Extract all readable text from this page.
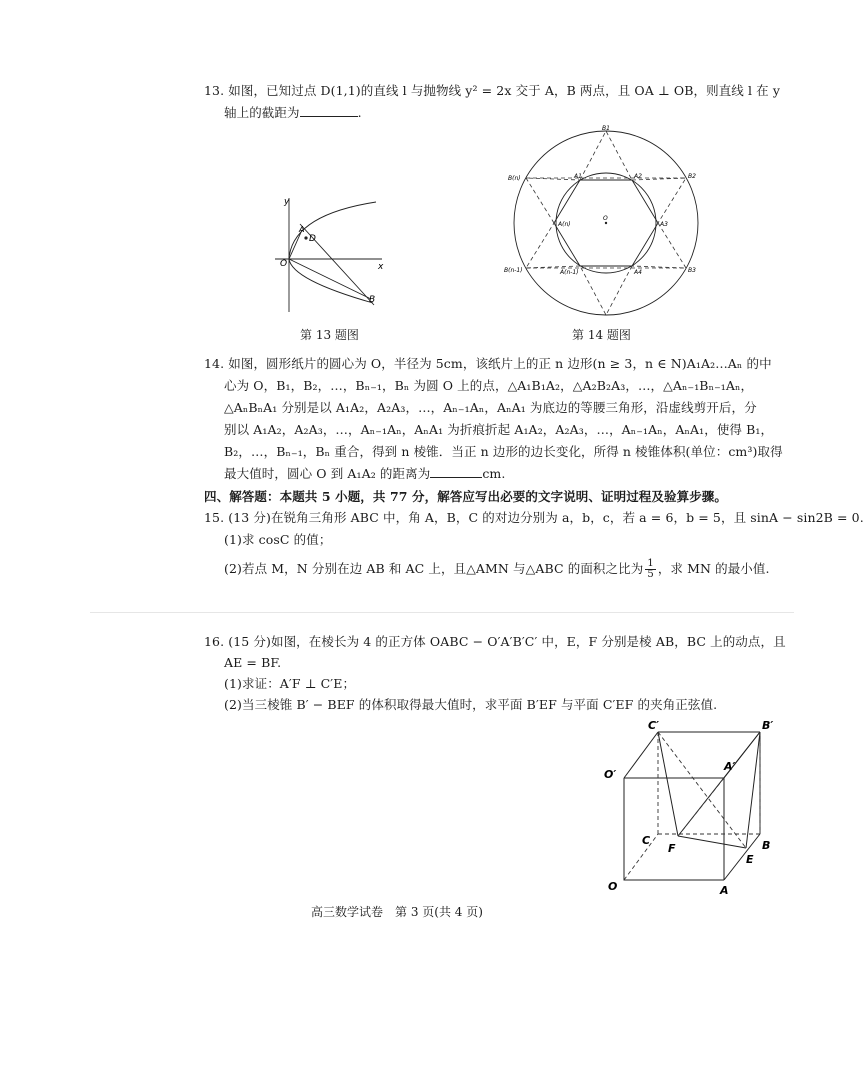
13. 如图，已知过点 D(1,1)的直线 l 与抛物线 y² = 2x 交于 A，B 两点，且 OA ⊥ OB，则直线 l 在 y
轴上的截距为	.
y
x
O
A
D
B
第 13 题图
B1
B2
B3
B(n)
B(n-1)
A1	A2
A3
A4
A(n-1)
A(n)
O
第 14 题图
14. 如图，圆形纸片的圆心为 O，半径为 5cm，该纸片上的正 n 边形(n ≥ 3，n ∈ N)A₁A₂…Aₙ 的中
心为 O，B₁，B₂，…，Bₙ₋₁，Bₙ 为圆 O 上的点，△A₁B₁A₂，△A₂B₂A₃，…，△Aₙ₋₁Bₙ₋₁Aₙ，
△AₙBₙA₁ 分别是以 A₁A₂，A₂A₃，…，Aₙ₋₁Aₙ，AₙA₁ 为底边的等腰三角形，沿虚线剪开后，分
别以 A₁A₂，A₂A₃，…，Aₙ₋₁Aₙ，AₙA₁ 为折痕折起 A₁A₂，A₂A₃，…，Aₙ₋₁Aₙ，AₙA₁，使得 B₁，
B₂，…，Bₙ₋₁，Bₙ 重合，得到 n 棱锥．当正 n 边形的边长变化，所得 n 棱锥体积(单位：cm³)取得
最大值时，圆心 O 到 A₁A₂ 的距离为	cm.
四、解答题：本题共 5 小题，共 77 分，解答应写出必要的文字说明、证明过程及验算步骤。
15. (13 分)在锐角三角形 ABC 中，角 A，B，C 的对边分别为 a，b，c，若 a = 6，b = 5，且 sinA − sin2B = 0.
(1)求 cosC 的值；
(2)若点 M，N 分别在边 AB 和 AC 上，且△AMN 与△ABC 的面积之比为 $\frac{1}{5}$ ，求 MN 的最小值.
16. (15 分)如图，在棱长为 4 的正方体 OABC − O′A′B′C′ 中，E，F 分别是棱 AB，BC 上的动点，且
AE = BF.
(1)求证：A′F ⊥ C′E；
(2)当三棱锥 B′ − BEF 的体积取得最大值时，求平面 B′EF 与平面 C′EF 的夹角正弦值.
C′	B′
O′
A′
C	B
F
E
O	A
高三数学试卷　第 3 页(共 4 页)
